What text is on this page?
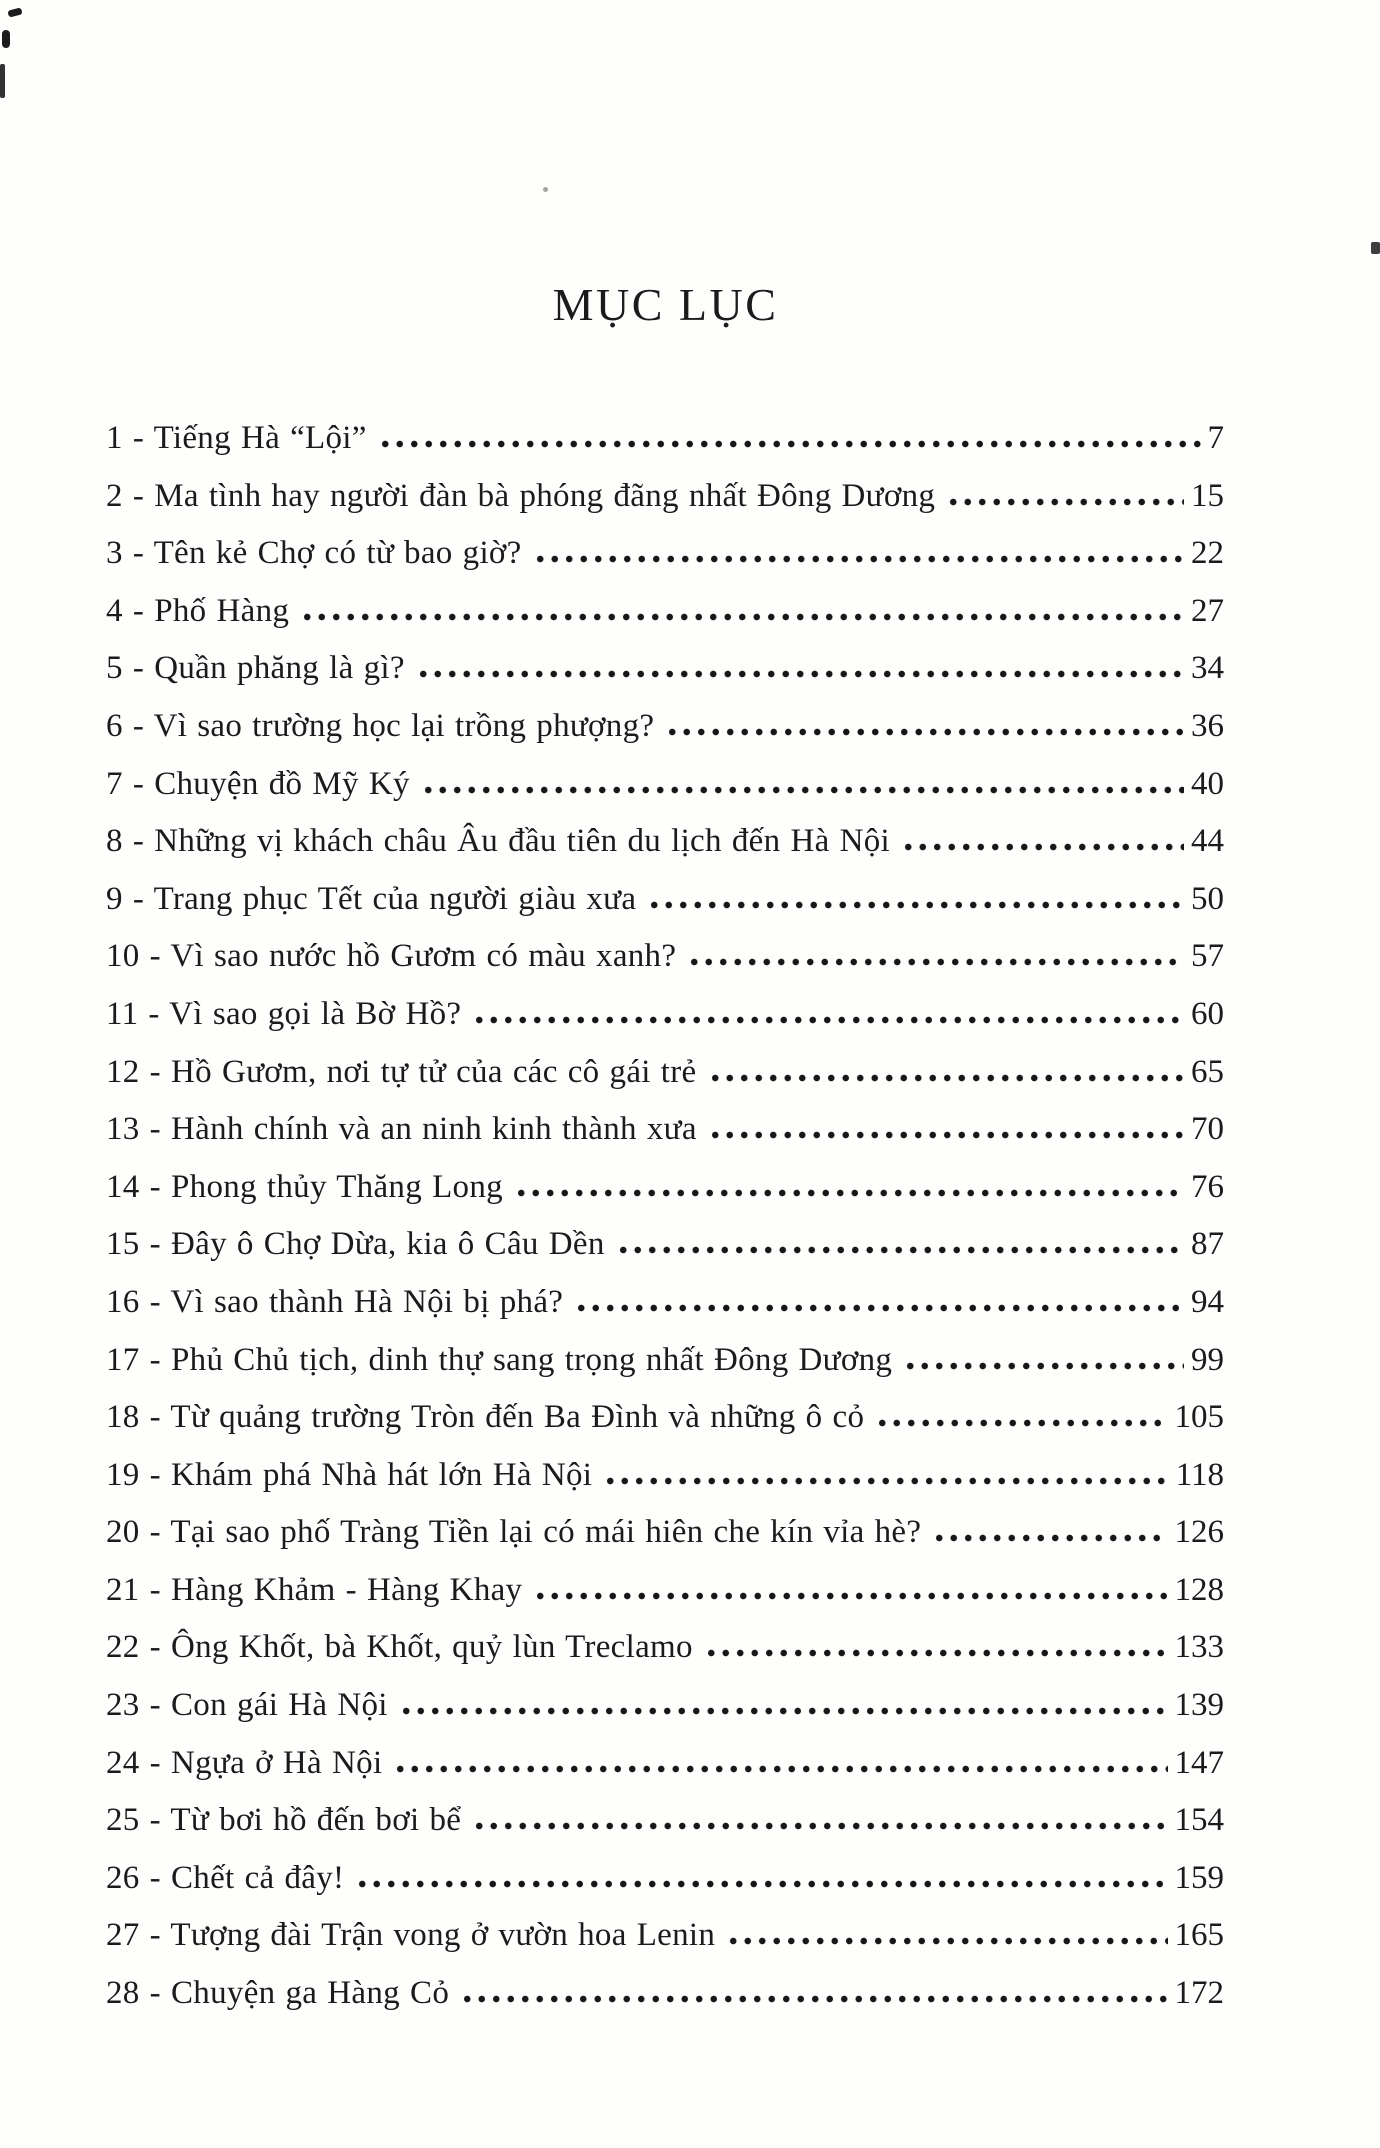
MỤC LỤC
1 - Tiếng Hà “Lội”	7
2 - Ma tình hay người đàn bà phóng đãng nhất Đông Dương	15
3 - Tên kẻ Chợ có từ bao giờ?	22
4 - Phố Hàng	27
5 - Quần phăng là gì?	34
6 - Vì sao trường học lại trồng phượng?	36
7 - Chuyện đồ Mỹ Ký	40
8 - Những vị khách châu Âu đầu tiên du lịch đến Hà Nội	44
9 - Trang phục Tết của người giàu xưa	50
10 - Vì sao nước hồ Gươm có màu xanh?	57
11 - Vì sao gọi là Bờ Hồ?	60
12 - Hồ Gươm, nơi tự tử của các cô gái trẻ	65
13 - Hành chính và an ninh kinh thành xưa	70
14 - Phong thủy Thăng Long	76
15 - Đây ô Chợ Dừa, kia ô Câu Dền	87
16 - Vì sao thành Hà Nội bị phá?	94
17 - Phủ Chủ tịch, dinh thự sang trọng nhất Đông Dương	99
18 - Từ quảng trường Tròn đến Ba Đình và những ô cỏ	105
19 - Khám phá Nhà hát lớn Hà Nội	118
20 - Tại sao phố Tràng Tiền lại có mái hiên che kín vỉa hè?	126
21 - Hàng Khảm - Hàng Khay	128
22 - Ông Khốt, bà Khốt, quỷ lùn Treclamo	133
23 - Con gái Hà Nội	139
24 - Ngựa ở Hà Nội	147
25 - Từ bơi hồ đến bơi bể	154
26 - Chết cả đây!	159
27 - Tượng đài Trận vong ở vườn hoa Lenin	165
28 - Chuyện ga Hàng Cỏ	172
